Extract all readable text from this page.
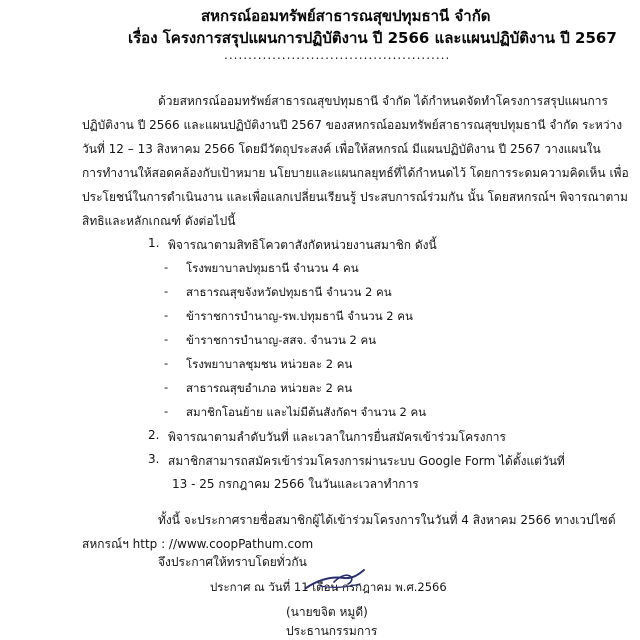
สหกรณ์ออมทรัพย์สาธารณสุขปทุมธานี จำกัด
เรื่อง โครงการสรุปแผนการปฏิบัติงาน ปี 2566 และแผนปฏิบัติงาน ปี 2567
...............................................
ด้วยสหกรณ์ออมทรัพย์สาธารณสุขปทุมธานี จำกัด ได้กำหนดจัดทำโครงการสรุปแผนการ
ปฏิบัติงาน ปี 2566 และแผนปฏิบัติงานปี 2567 ของสหกรณ์ออมทรัพย์สาธารณสุขปทุมธานี จำกัด ระหว่าง
วันที่ 12 – 13 สิงหาคม 2566 โดยมีวัตถุประสงค์ เพื่อให้สหกรณ์ มีแผนปฏิบัติงาน ปี 2567 วางแผนใน
การทำงานให้สอดคล้องกับเป้าหมาย นโยบายและแผนกลยุทธ์ที่ได้กำหนดไว้ โดยการระดมความคิดเห็น เพื่อ
ประโยชน์ในการดำเนินงาน และเพื่อแลกเปลี่ยนเรียนรู้ ประสบการณ์ร่วมกัน นั้น โดยสหกรณ์ฯ พิจารณาตาม
สิทธิและหลักเกณฑ์ ดังต่อไปนี้
1. พิจารณาตามสิทธิโควตาสังกัดหน่วยงานสมาชิก ดังนี้
- โรงพยาบาลปทุมธานี จำนวน 4 คน
- สาธารณสุขจังหวัดปทุมธานี จำนวน 2 คน
- ข้าราชการบำนาญ-รพ.ปทุมธานี จำนวน 2 คน
- ข้าราชการบำนาญ-สสจ. จำนวน 2 คน
- โรงพยาบาลชุมชน หน่วยละ 2 คน
- สาธารณสุขอำเภอ หน่วยละ 2 คน
- สมาชิกโอนย้าย และไม่มีต้นสังกัดฯ จำนวน 2 คน
2. พิจารณาตามลำดับวันที่ และเวลาในการยื่นสมัครเข้าร่วมโครงการ
3. สมาชิกสามารถสมัครเข้าร่วมโครงการผ่านระบบ Google Form ได้ตั้งแต่วันที่
13 - 25 กรกฎาคม 2566 ในวันและเวลาทำการ
ทั้งนี้ จะประกาศรายชื่อสมาชิกผู้ได้เข้าร่วมโครงการในวันที่ 4 สิงหาคม 2566 ทางเวปไซด์
สหกรณ์ฯ http : //www.coopPathum.com
จึงประกาศให้ทราบโดยทั่วกัน
ประกาศ ณ วันที่ 11 เดือน กรกฎาคม พ.ศ.2566
(นายขจิต หมูดี)
ประธานกรรมการ
